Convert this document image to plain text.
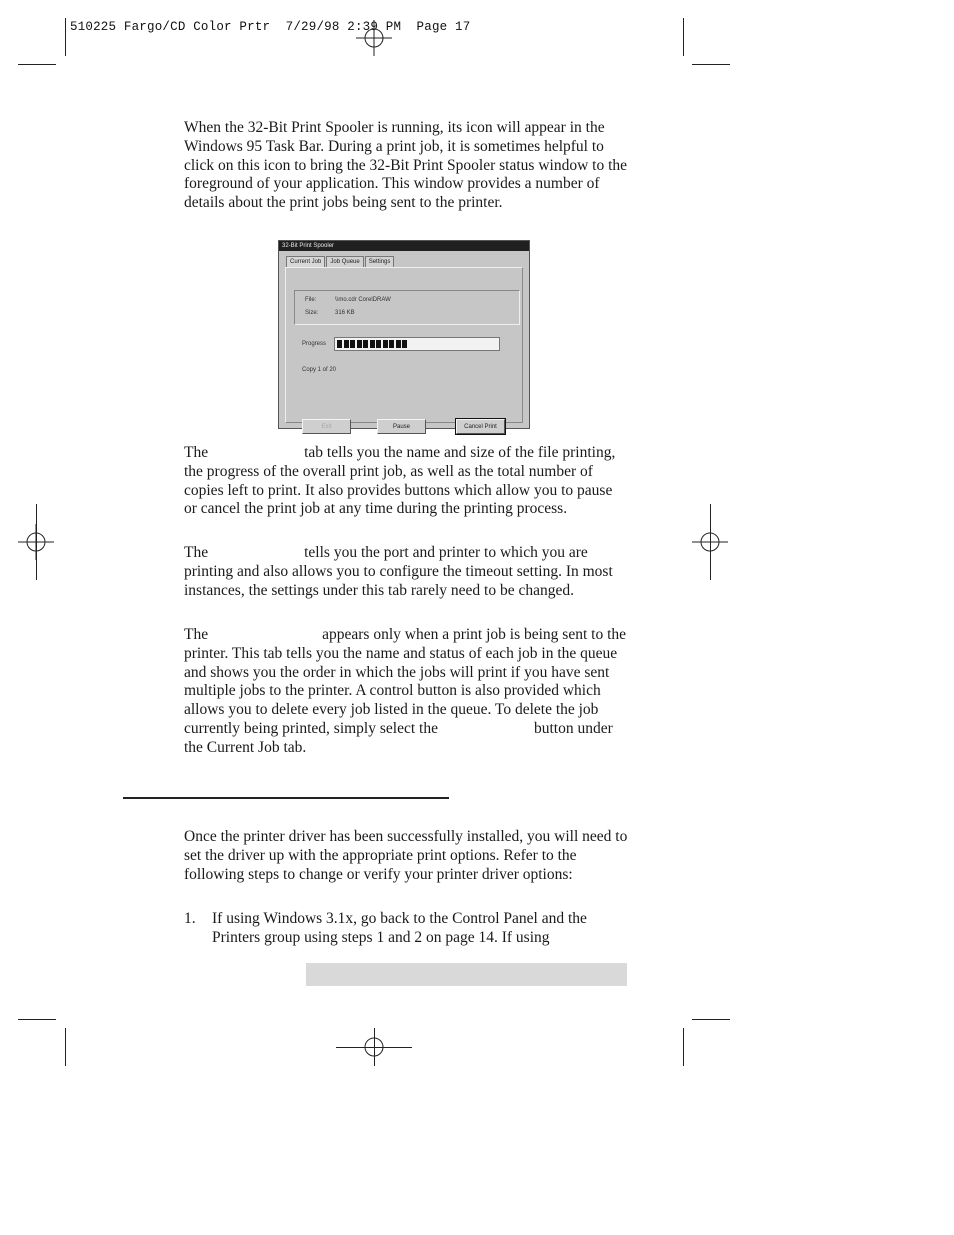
510225 Fargo/CD Color Prtr  7/29/98 2:39 PM  Page 17

When the 32-Bit Print Spooler is running, its icon will appear in the Windows 95 Task Bar. During a print job, it is sometimes helpful to click on this icon to bring the 32-Bit Print Spooler status window to the foreground of your application. This window provides a number of details about the print jobs being sent to the printer.

32-Bit Print Spooler
Current Job	Job Queue	Settings
File:	\\mo.cdr CorelDRAW
Size:	316 KB
Progress
Copy 1 of 20
Exit	Pause	Cancel Print

The	tab tells you the name and size of the file printing, the progress of the overall print job, as well as the total number of copies left to print. It also provides buttons which allow you to pause or cancel the print job at any time during the printing process.

The	tells you the port and printer to which you are printing and also allows you to configure the timeout setting. In most instances, the settings under this tab rarely need to be changed.

The	appears only when a print job is being sent to the printer. This tab tells you the name and status of each job in the queue and shows you the order in which the jobs will print if you have sent multiple jobs to the printer. A control button is also provided which allows you to delete every job listed in the queue. To delete the job currently being printed, simply select the	button under the Current Job tab.

Once the printer driver has been successfully installed, you will need to set the driver up with the appropriate print options. Refer to the following steps to change or verify your printer driver options:

1. If using Windows 3.1x, go back to the Control Panel and the Printers group using steps 1 and 2 on page 14. If using
